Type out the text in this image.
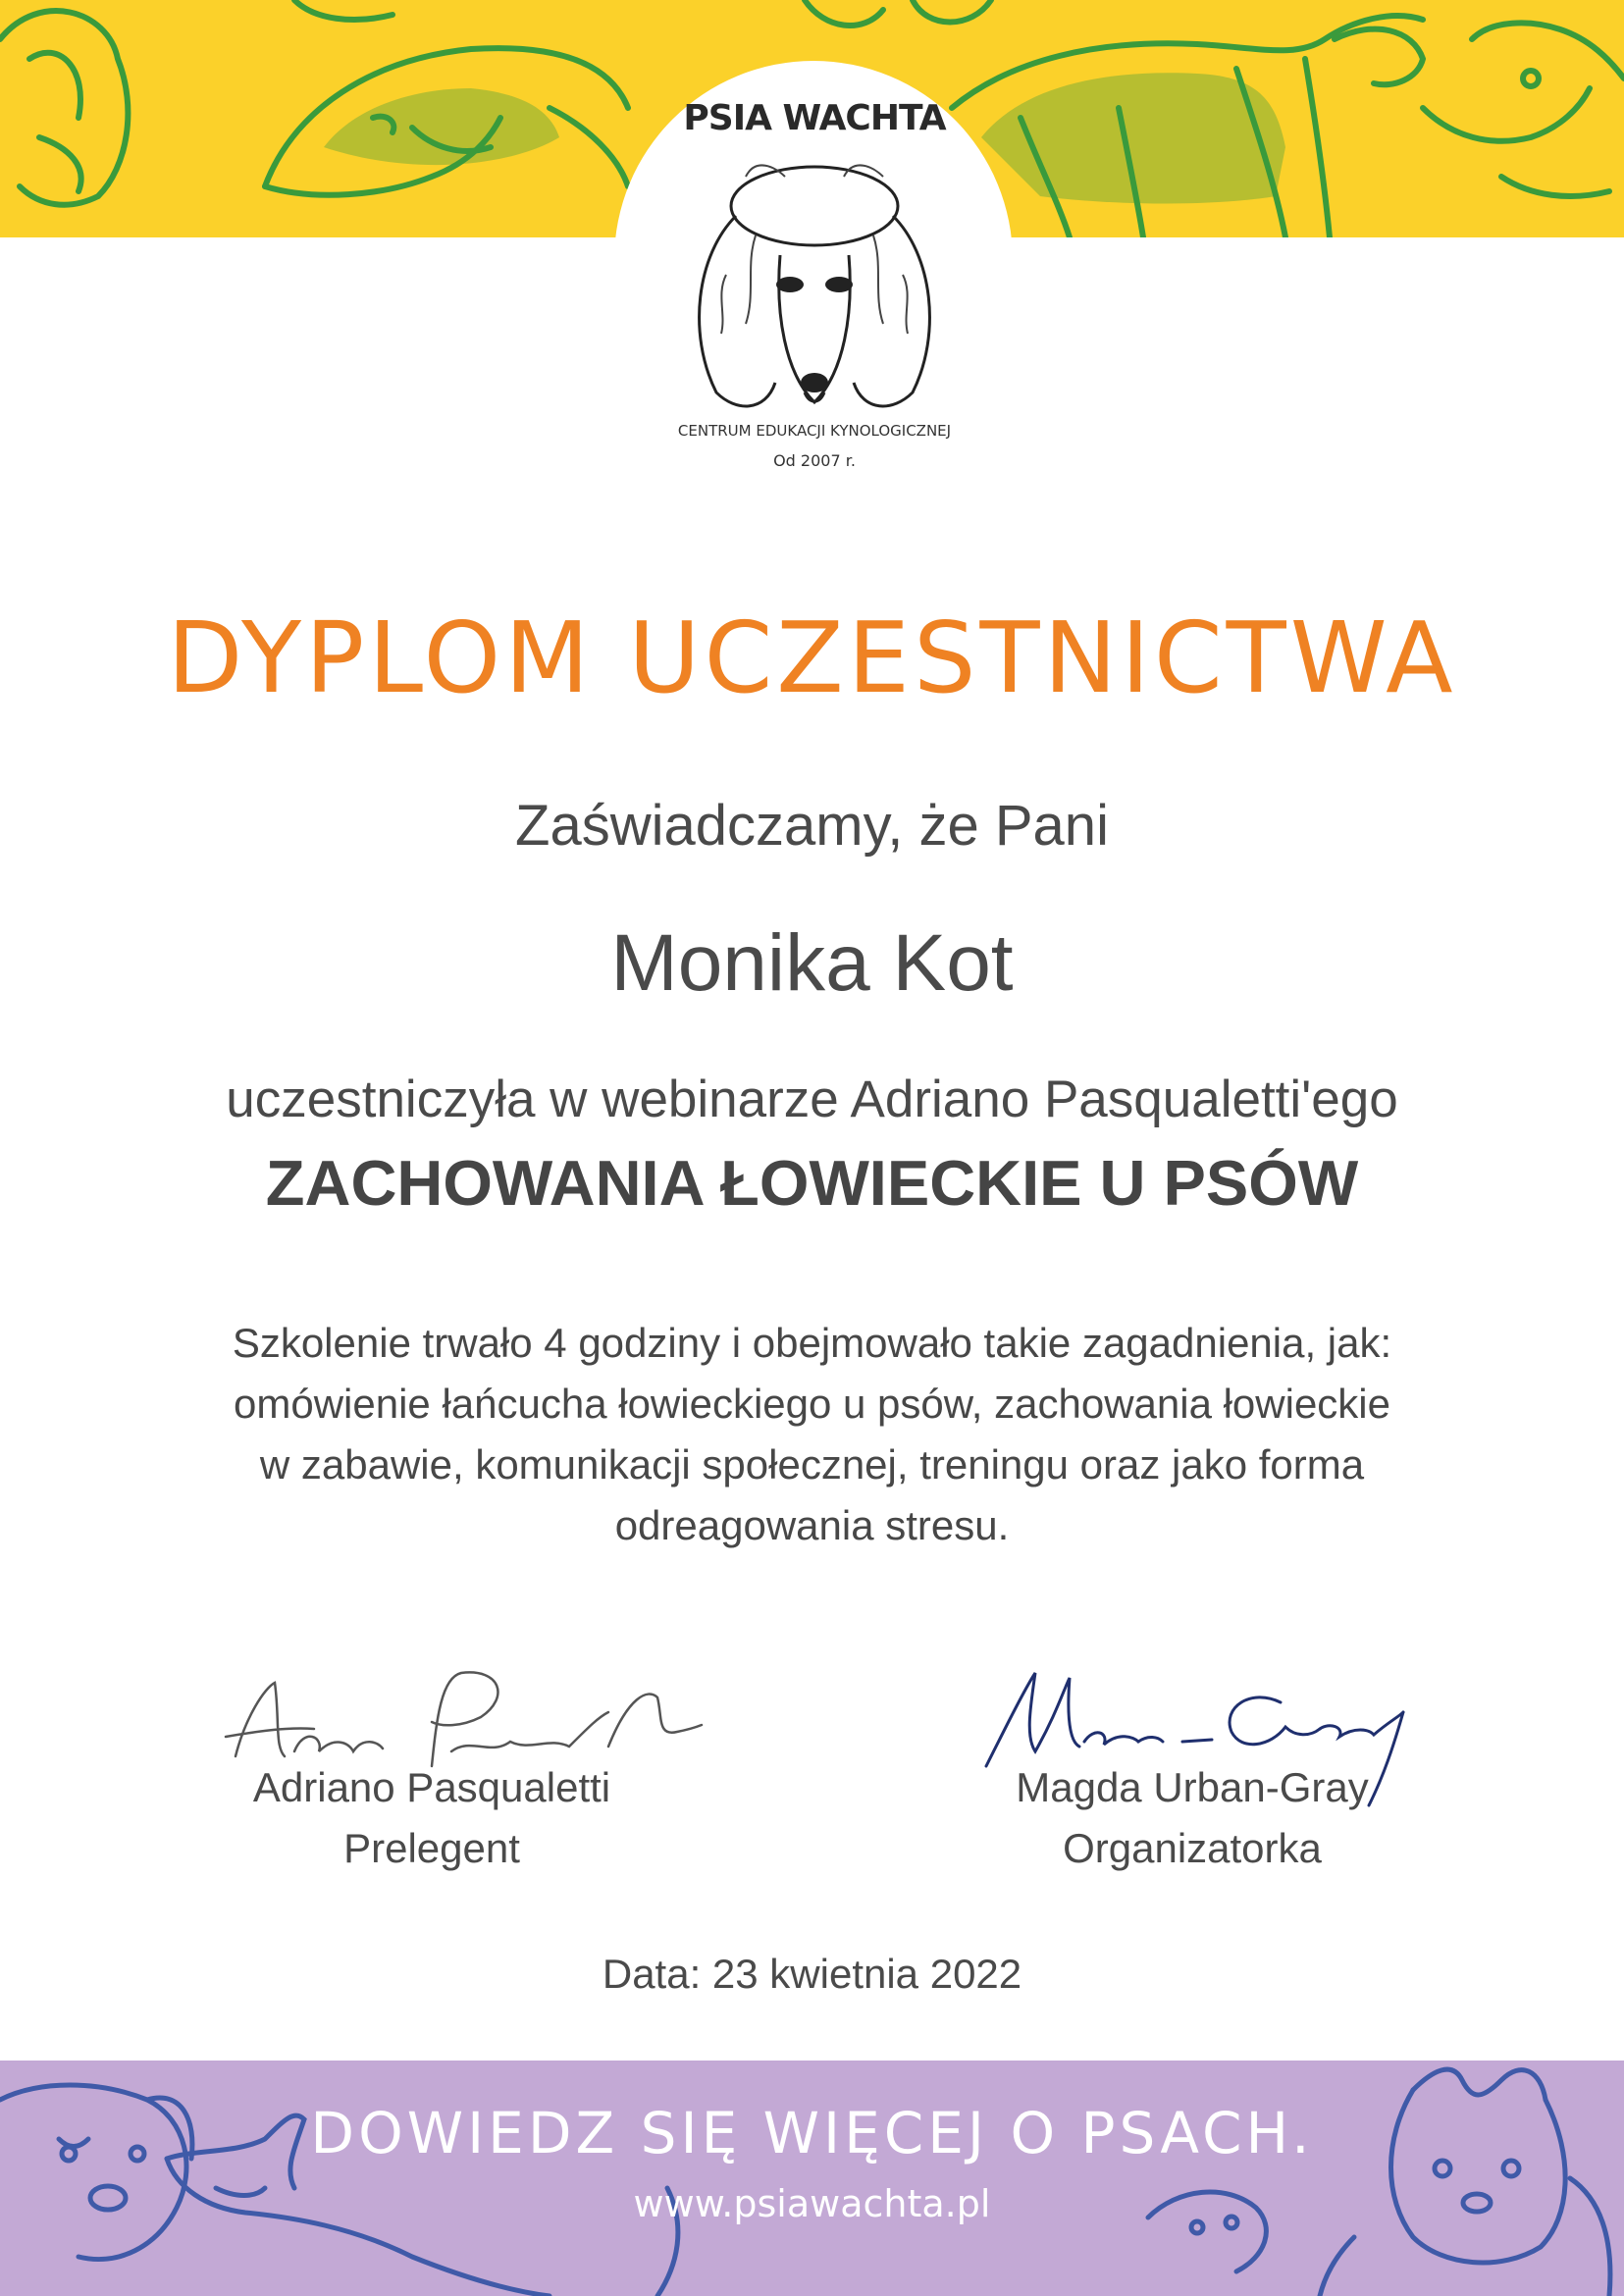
PSIA WACHTA
Od 2007 r.
CENTRUM EDUKACJI KYNOLOGICZNEJ
DYPLOM UCZESTNICTWA
Zaświadczamy, że Pani
Monika Kot
uczestniczyła w webinarze Adriano Pasqualetti'ego
ZACHOWANIA ŁOWIECKIE U PSÓW
Szkolenie trwało 4 godziny i obejmowało takie zagadnienia, jak:
omówienie łańcucha łowieckiego u psów, zachowania łowieckie
w zabawie, komunikacji społecznej, treningu oraz jako forma
odreagowania stresu.
Adriano Pasqualetti
Prelegent
Magda Urban-Gray
Organizatorka
Data: 23 kwietnia 2022
DOWIEDZ SIĘ WIĘCEJ O PSACH.
www.psiawachta.pl
